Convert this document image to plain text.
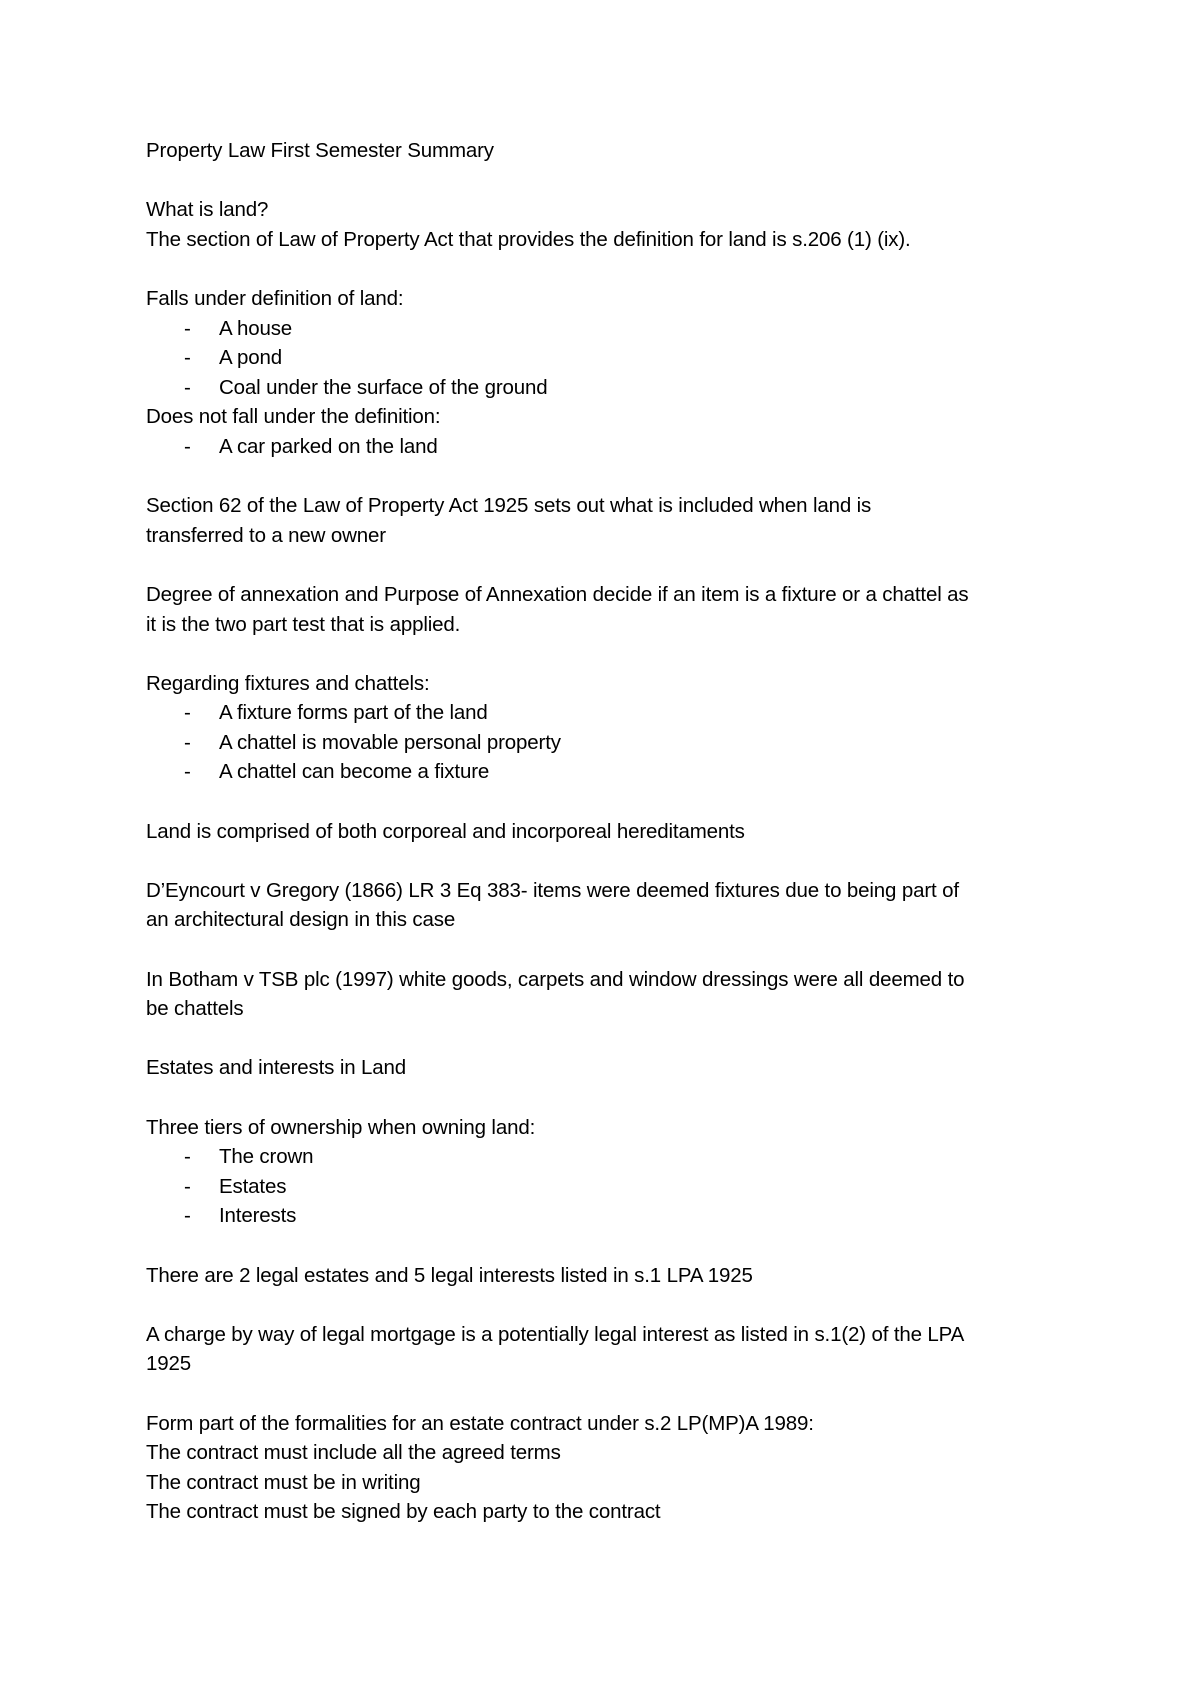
Property Law First Semester Summary

What is land?

The section of Law of Property Act that provides the definition for land is s.206 (1) (ix).

Falls under definition of land:

- A house
- A pond
- Coal under the surface of the ground

Does not fall under the definition:

- A car parked on the land

Section 62 of the Law of Property Act 1925 sets out what is included when land is

transferred to a new owner

Degree of annexation and Purpose of Annexation decide if an item is a fixture or a chattel as

it is the two part test that is applied.

Regarding fixtures and chattels:

- A fixture forms part of the land
- A chattel is movable personal property
- A chattel can become a fixture

Land is comprised of both corporeal and incorporeal hereditaments

D’Eyncourt v Gregory (1866) LR 3 Eq 383- items were deemed fixtures due to being part of

an architectural design in this case

In Botham v TSB plc (1997) white goods, carpets and window dressings were all deemed to

be chattels

Estates and interests in Land

Three tiers of ownership when owning land:

- The crown
- Estates
- Interests

There are 2 legal estates and 5 legal interests listed in s.1 LPA 1925

A charge by way of legal mortgage is a potentially legal interest as listed in s.1(2) of the LPA

1925

Form part of the formalities for an estate contract under s.2 LP(MP)A 1989:

The contract must include all the agreed terms

The contract must be in writing

The contract must be signed by each party to the contract
